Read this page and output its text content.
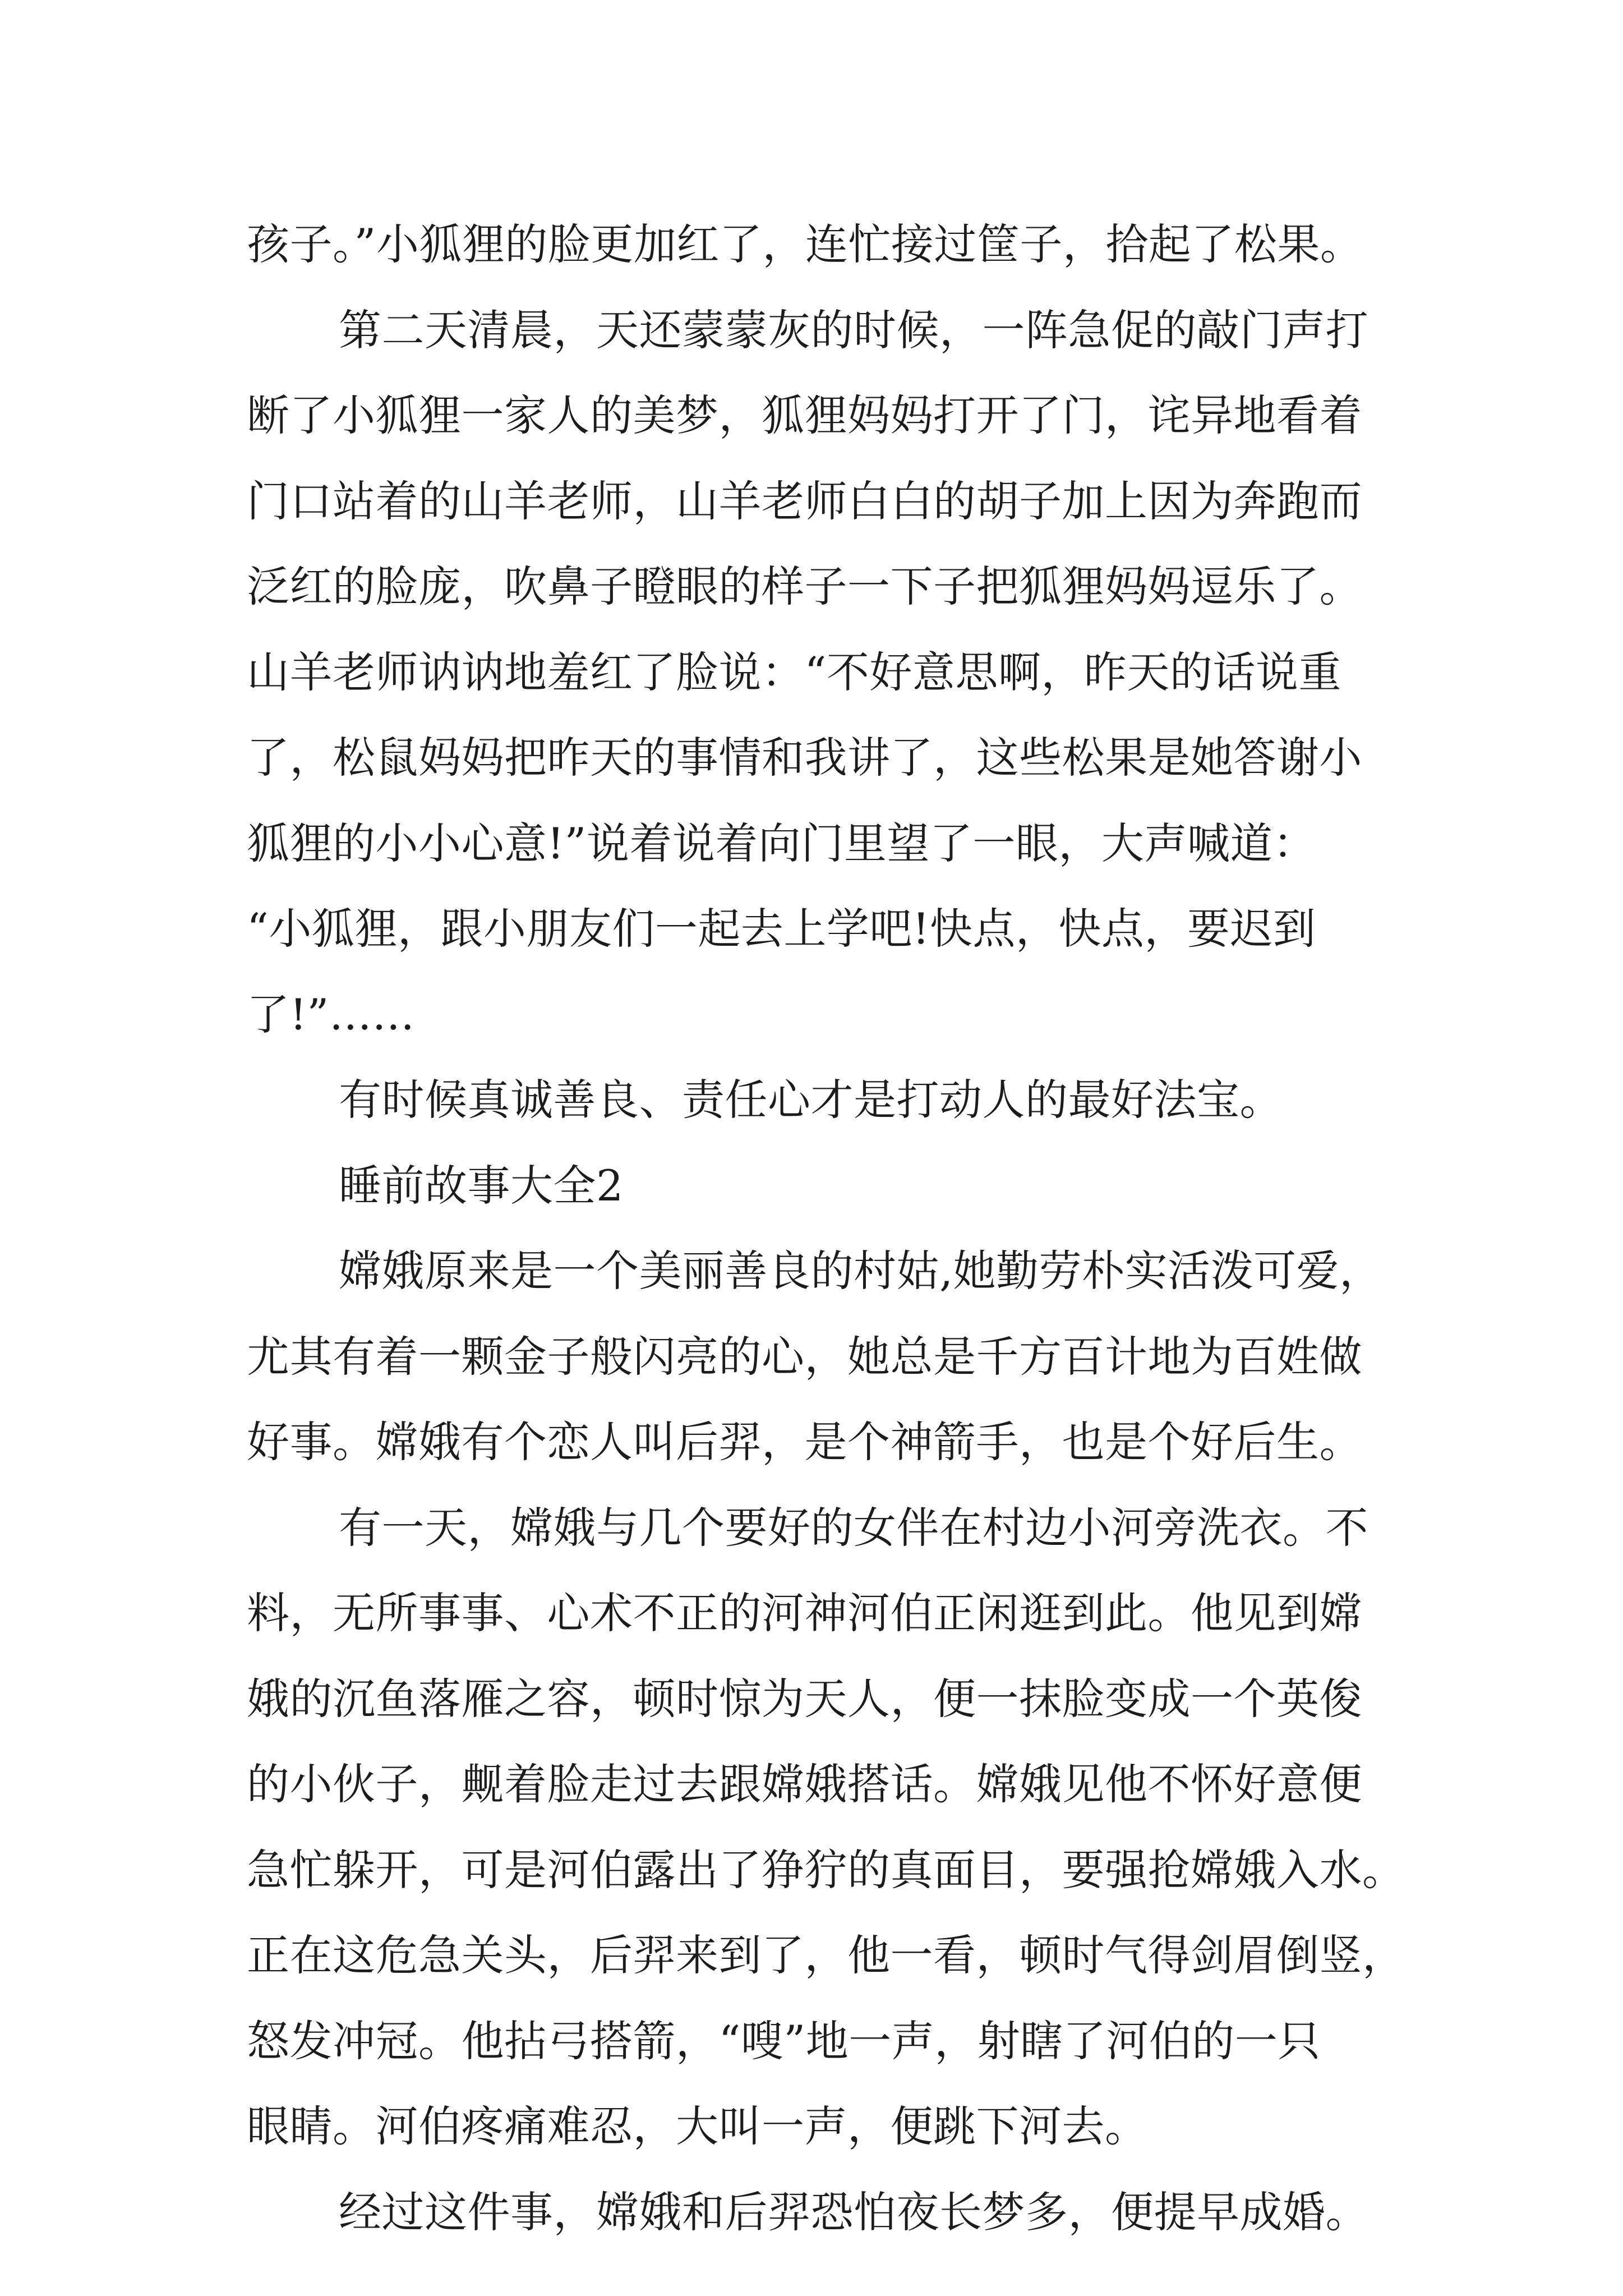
孩子。”小狐狸的脸更加红了，连忙接过筐子，拾起了松果。
第二天清晨，天还蒙蒙灰的时候，一阵急促的敲门声打
断了小狐狸一家人的美梦，狐狸妈妈打开了门，诧异地看着
门口站着的山羊老师，山羊老师白白的胡子加上因为奔跑而
泛红的脸庞，吹鼻子瞪眼的样子一下子把狐狸妈妈逗乐了。
山羊老师讷讷地羞红了脸说：“不好意思啊，昨天的话说重
了，松鼠妈妈把昨天的事情和我讲了，这些松果是她答谢小
狐狸的小小心意!”说着说着向门里望了一眼，大声喊道：
“小狐狸，跟小朋友们一起去上学吧!快点，快点，要迟到
了!”……
有时候真诚善良、责任心才是打动人的最好法宝。
睡前故事大全2
嫦娥原来是一个美丽善良的村姑,她勤劳朴实活泼可爱，
尤其有着一颗金子般闪亮的心，她总是千方百计地为百姓做
好事。嫦娥有个恋人叫后羿，是个神箭手，也是个好后生。
有一天，嫦娥与几个要好的女伴在村边小河旁洗衣。不
料，无所事事、心术不正的河神河伯正闲逛到此。他见到嫦
娥的沉鱼落雁之容，顿时惊为天人，便一抹脸变成一个英俊
的小伙子，觍着脸走过去跟嫦娥搭话。嫦娥见他不怀好意便
急忙躲开，可是河伯露出了狰狞的真面目，要强抢嫦娥入水。
正在这危急关头，后羿来到了，他一看，顿时气得剑眉倒竖，
怒发冲冠。他拈弓搭箭，“嗖”地一声，射瞎了河伯的一只
眼睛。河伯疼痛难忍，大叫一声，便跳下河去。
经过这件事，嫦娥和后羿恐怕夜长梦多，便提早成婚。
